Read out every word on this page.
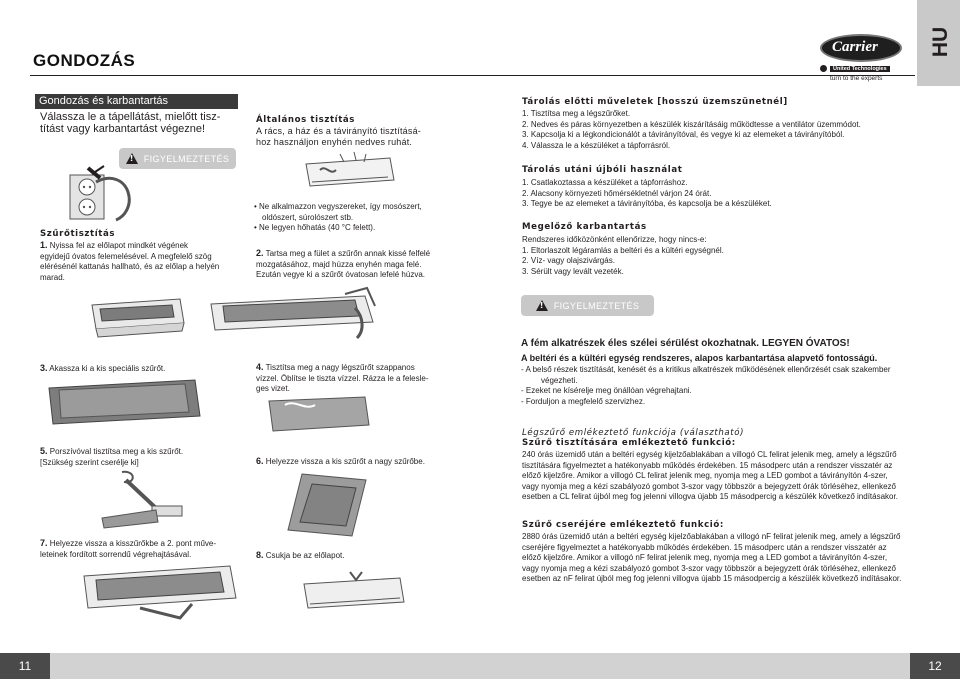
GONDOZÁS
HU
Carrier
United Technologies
turn to the experts
Gondozás és karbantartás
Válassza le a tápellátást, mielőtt tisz-
títást vagy karbantartást végezne!
!
FIGYELMEZTETÉS
Szűrőtisztítás
1. Nyissa fel az előlapot mindkét végének
egyidejű óvatos felemelésével. A megfelelő szög
elérésénél kattanás hallható, és az előlap a helyén
marad.
3. Akassza ki a kis speciális szűrőt.
5. Porszívóval tisztítsa meg a kis szűrőt.
[Szükség szerint cserélje ki]
7. Helyezze vissza a kisszűrőkbe a 2. pont műve-
leteinek fordított sorrendű végrehajtásával.
Általános tisztítás
A rács, a ház és a távirányító tisztításá-
hoz használjon enyhén nedves ruhát.
• Ne alkalmazzon vegyszereket, így mosószert,
oldószert, súrolószert stb.
• Ne legyen hőhatás (40 °C felett).
2. Tartsa meg a fület a szűrőn annak kissé felfelé
mozgatásához, majd húzza enyhén maga felé.
Ezután vegye ki a szűrőt óvatosan lefelé húzva.
4. Tisztítsa meg a nagy légszűrőt szappanos
vízzel. Öblítse le tiszta vízzel. Rázza le a felesle-
ges vizet.
6. Helyezze vissza a kis szűrőt a nagy szűrőbe.
8. Csukja be az előlapot.
Tárolás előtti műveletek [hosszú üzemszünetnél]
1. Tisztítsa meg a légszűrőket.
2. Nedves és páras környezetben a készülék kiszárításáig működtesse a ventilátor üzemmódot.
3. Kapcsolja ki a légkondicionálót a távirányítóval, és vegye ki az elemeket a távirányítóból.
4. Válassza le a készüléket a tápforrásról.
Tárolás utáni újbóli használat
1. Csatlakoztassa a készüléket a tápforráshoz.
2. Alacsony környezeti hőmérsékletnél várjon 24 órát.
3. Tegye be az elemeket a távirányítóba, és kapcsolja be a készüléket.
Megelőző karbantartás
Rendszeres időközönként ellenőrizze, hogy nincs-e:
1. Eltorlaszolt légáramlás a beltéri és a kültéri egységnél.
2. Víz- vagy olajszivárgás.
3. Sérült vagy levált vezeték.
!
FIGYELMEZTETÉS
A fém alkatrészek éles szélei sérülést okozhatnak. LEGYEN ÓVATOS!
A beltéri és a kültéri egység rendszeres, alapos karbantartása alapvető fontosságú.
- A belső részek tisztítását, kenését és a kritikus alkatrészek működésének ellenőrzését csak szakember
végezheti.
- Ezeket ne kísérelje meg önállóan végrehajtani.
- Forduljon a megfelelő szervizhez.
Légszűrő emlékeztető funkciója (választható)
Szűrő tisztítására emlékeztető funkció:
240 órás üzemidő után a beltéri egység kijelzőablakában a villogó CL felirat jelenik meg, amely a légszűrő
tisztítására figyelmeztet a hatékonyabb működés érdekében. 15 másodperc után a rendszer visszatér az
előző kijelzőre. Amikor a villogó CL felirat jelenik meg, nyomja meg a LED gombot a távirányítón 4-szer,
vagy nyomja meg a kézi szabályozó gombot 3-szor vagy többször a bejegyzett órák törléséhez, ellenkező
esetben a CL felirat újból meg fog jelenni villogva újabb 15 másodpercig a készülék következő indításakor.
Szűrő cseréjére emlékeztető funkció:
2880 órás üzemidő után a beltéri egység kijelzőablakában a villogó nF felirat jelenik meg, amely a légszűrő
cseréjére figyelmeztet a hatékonyabb működés érdekében. 15 másodperc után a rendszer visszatér az
előző kijelzőre. Amikor a villogó nF felirat jelenik meg, nyomja meg a LED gombot a távirányítón 4-szer,
vagy nyomja meg a kézi szabályozó gombot 3-szor vagy többször a bejegyzett órák törléséhez, ellenkező
esetben az nF felirat újból meg fog jelenni villogva újabb 15 másodpercig a készülék következő indításakor.
11	12
